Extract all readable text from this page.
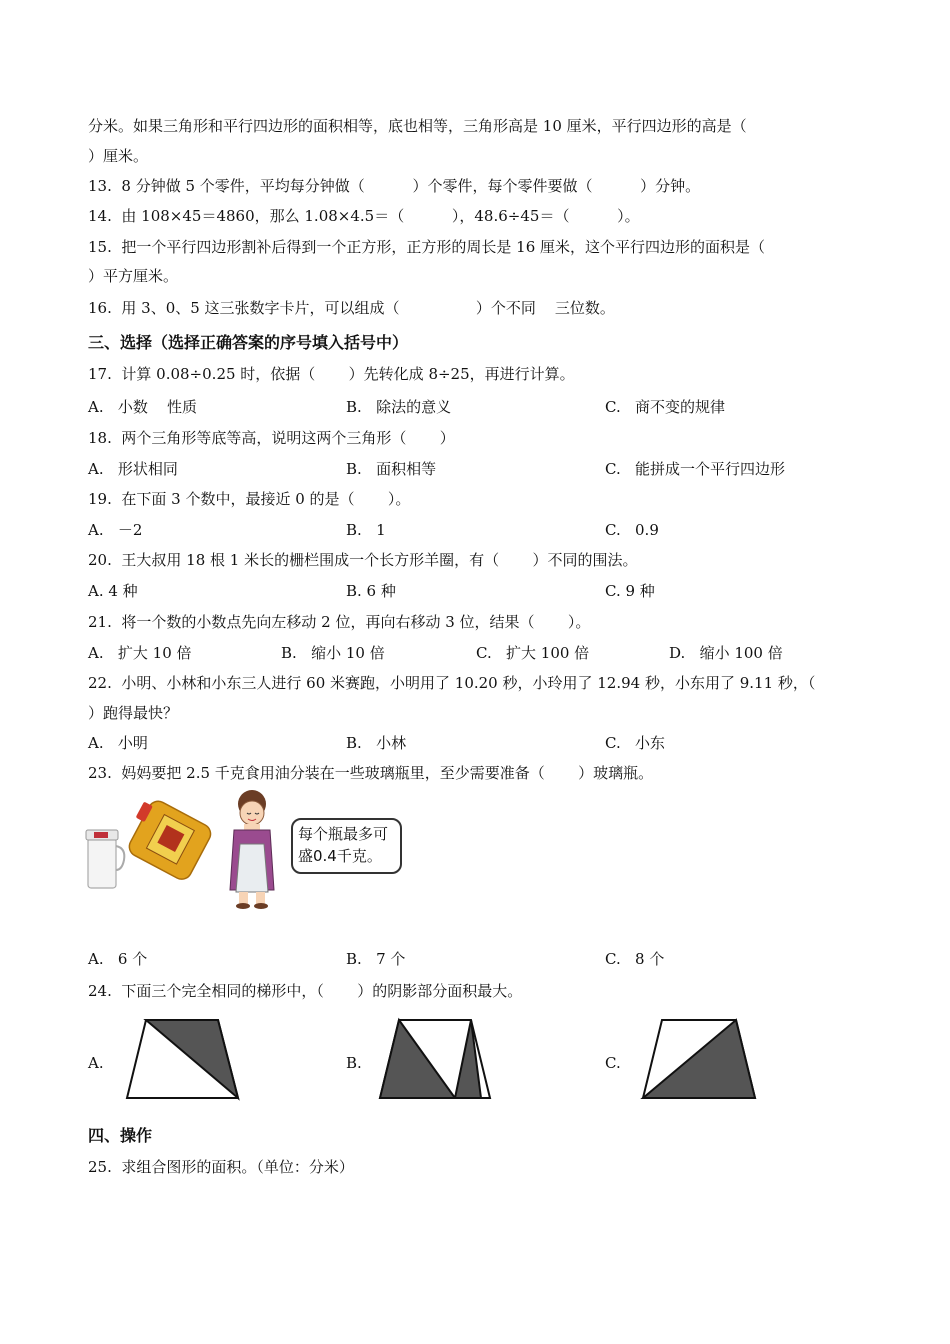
分米。如果三角形和平行四边形的面积相等，底也相等，三角形高是 10 厘米，平行四边形的高是（
）厘米。
13.  8 分钟做 5 个零件，平均每分钟做（          ）个零件，每个零件要做（          ）分钟。
14.  由 108×45＝4860，那么 1.08×4.5＝（          ），48.6÷45＝（          ）。
15.  把一个平行四边形割补后得到一个正方形，正方形的周长是 16 厘米，这个平行四边形的面积是（
）平方厘米。
16.  用 3、0、5 这三张数字卡片，可以组成（                ）个不同    三位数。
三、选择（选择正确答案的序号填入括号中）
17.  计算 0.08÷0.25 时，依据（       ）先转化成 8÷25，再进行计算。
A.   小数    性质	B.   除法的意义	C.   商不变的规律
18.  两个三角形等底等高，说明这两个三角形（       ）
A.   形状相同	B.   面积相等	C.   能拼成一个平行四边形
19.  在下面 3 个数中，最接近 0 的是（       ）。
A.   －2	B.   1	C.   0.9
20.  王大叔用 18 根 1 米长的栅栏围成一个长方形羊圈，有（       ）不同的围法。
A. 4 种	B. 6 种	C. 9 种
21.  将一个数的小数点先向左移动 2 位，再向右移动 3 位，结果（       ）。
A.   扩大 10 倍	B.   缩小 10 倍	C.   扩大 100 倍	D.   缩小 100 倍
22.  小明、小林和小东三人进行 60 米赛跑，小明用了 10.20 秒，小玲用了 12.94 秒，小东用了 9.11 秒，（
）跑得最快？
A.   小明	B.   小林	C.   小东
23.  妈妈要把 2.5 千克食用油分装在一些玻璃瓶里，至少需要准备（       ）玻璃瓶。
每个瓶最多可
盛0.4千克。
A.   6 个	B.   7 个	C.   8 个
24.  下面三个完全相同的梯形中，（       ）的阴影部分面积最大。
A.	B.	C.
四、操作
25.  求组合图形的面积。（单位：分米）
